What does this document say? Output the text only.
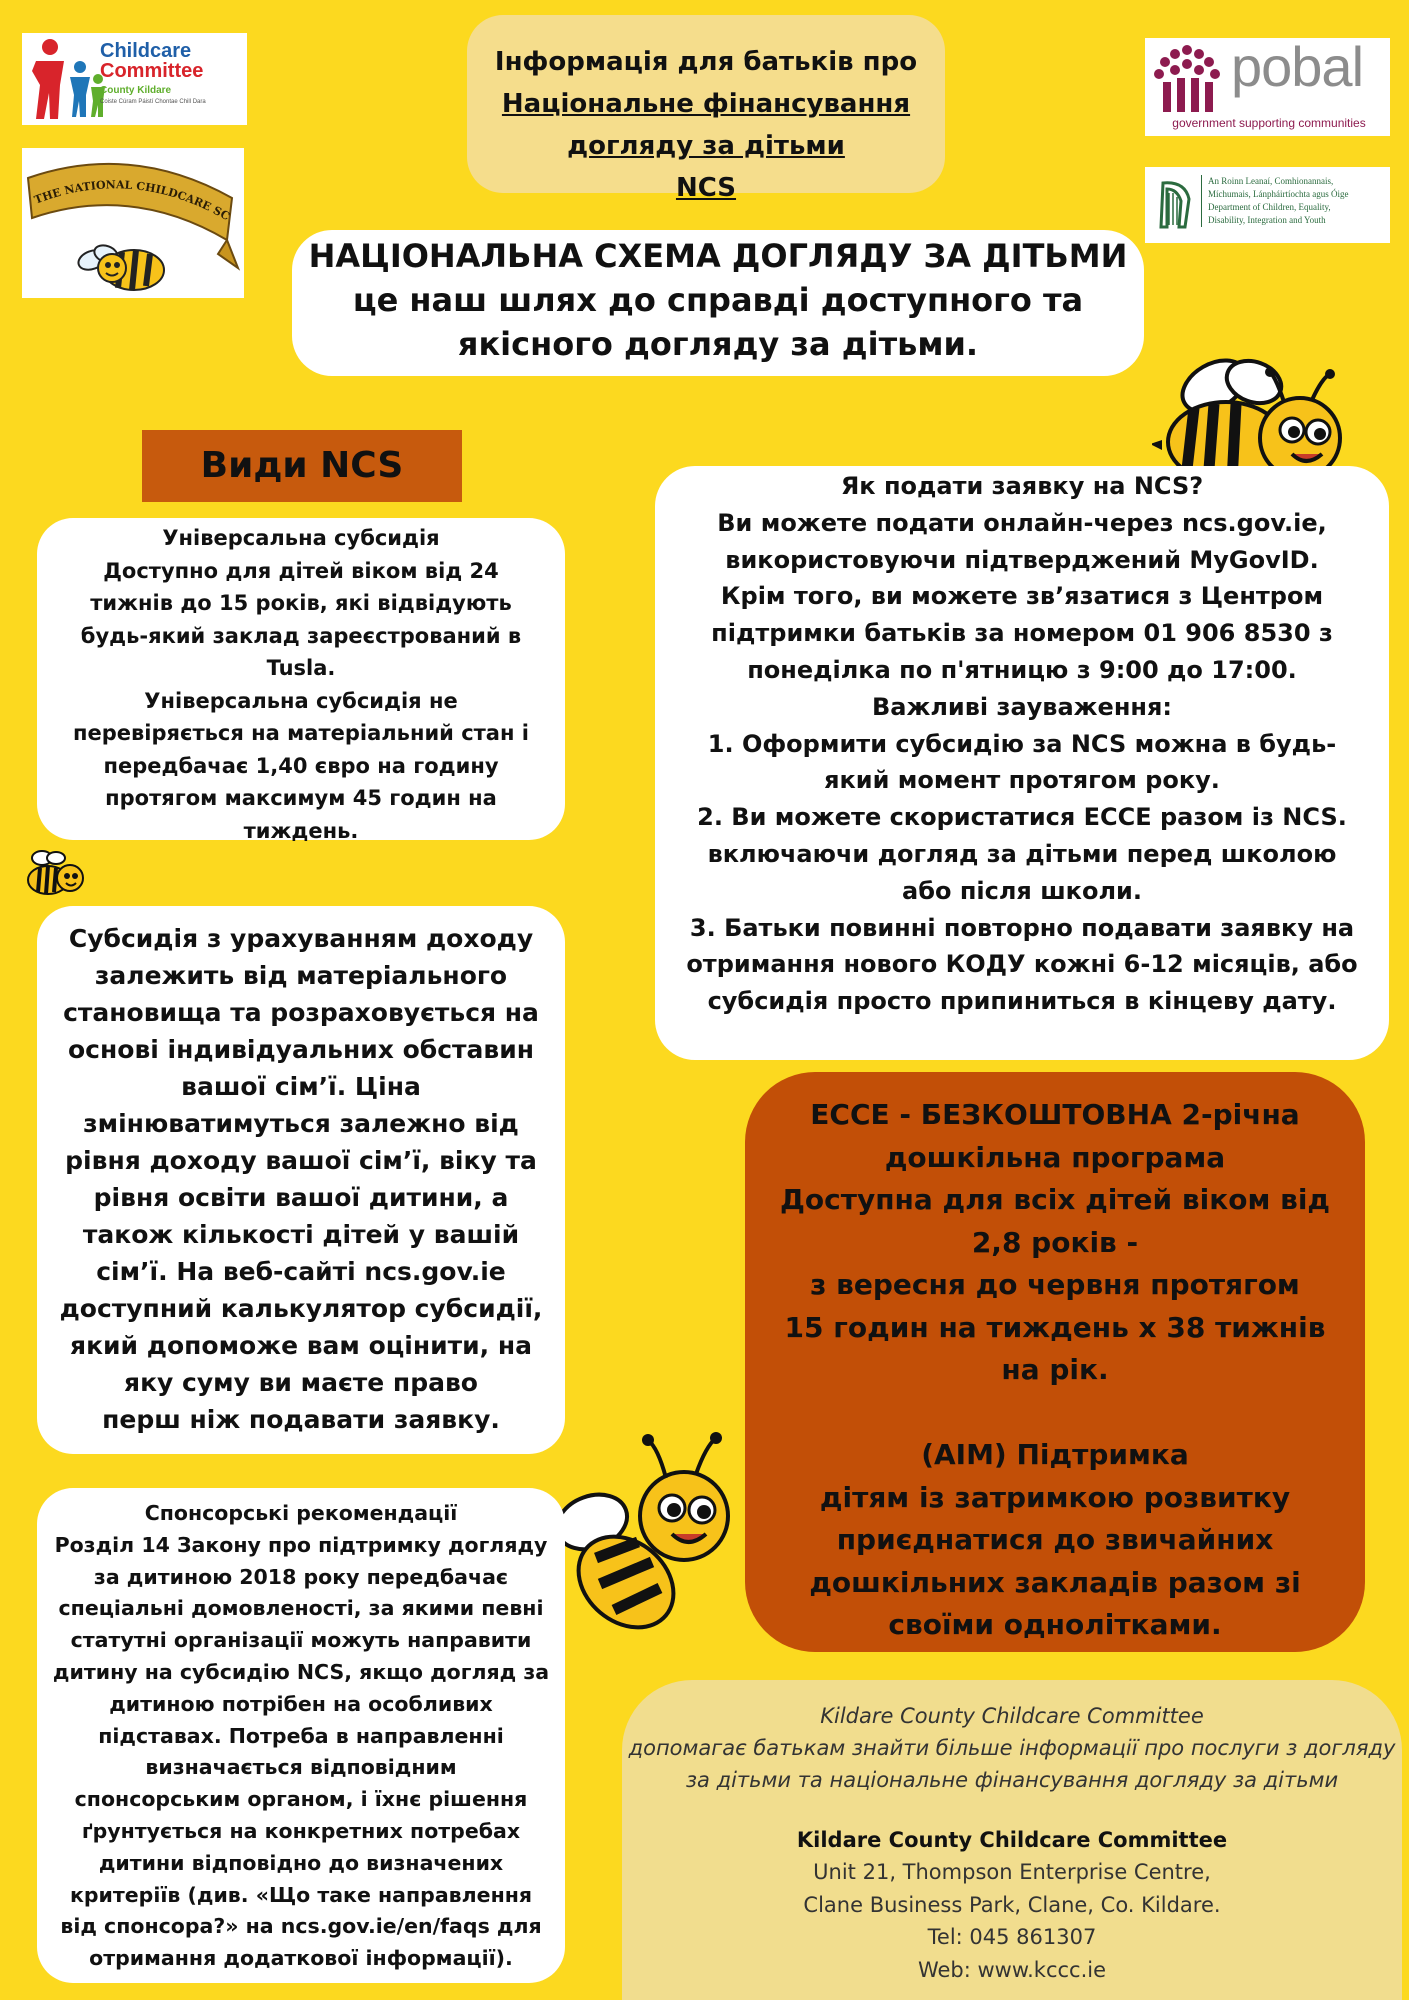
Childcare
Committee
County Kildare
Coiste Cúram Páistí Chontae Chill Dara
THE NATIONAL CHILDCARE SC
pobal
government supporting communities
An Roinn Leanaí, Comhionannais,
Míchumais, Lánpháirtíochta agus Óige
Department of Children, Equality,
Disability, Integration and Youth
Інформація для батьків про
Національне фінансування
догляду за дітьми
NCS
НАЦІОНАЛЬНА СХЕМА ДОГЛЯДУ ЗА ДІТЬМИ
це наш шлях до справді доступного та
якісного догляду за дітьми.
Види NCS
Універсальна субсидія
Доступно для дітей віком від 24
тижнів до 15 років, які відвідують
будь-який заклад зареєстрований в
Tusla.
Універсальна субсидія не
перевіряється на матеріальний стан і
передбачає 1,40 євро на годину
протягом максимум 45 годин на
тиждень.
Субсидія з урахуванням доходу
залежить від матеріального
становища та розраховується на
основі індивідуальних обставин
вашої сім’ї. Ціна
змінюватимуться залежно від
рівня доходу вашої сім’ї, віку та
рівня освіти вашої дитини, а
також кількості дітей у вашій
сім’ї. На веб-сайті ncs.gov.ie
доступний калькулятор субсидії,
який допоможе вам оцінити, на
яку суму ви маєте право
перш ніж подавати заявку.
Спонсорські рекомендації
Розділ 14 Закону про підтримку догляду
за дитиною 2018 року передбачає
спеціальні домовленості, за якими певні
статутні організації можуть направити
дитину на субсидію NCS, якщо догляд за
дитиною потрібен на особливих
підставах. Потреба в направленні
визначається відповідним
спонсорським органом, і їхнє рішення
ґрунтується на конкретних потребах
дитини відповідно до визначених
критеріїв (див. «Що таке направлення
від спонсора?» на ncs.gov.ie/en/faqs для
отримання додаткової інформації).
Як подати заявку на NCS?
Ви можете подати онлайн-через ncs.gov.ie,
використовуючи підтверджений MyGovID.
Крім того, ви можете зв’язатися з Центром
підтримки батьків за номером 01 906 8530 з
понеділка по п'ятницю з 9:00 до 17:00.
Важливі зауваження:
1. Оформити субсидію за NCS можна в будь-
який момент протягом року.
2. Ви можете скористатися ECCE разом із NCS.
включаючи догляд за дітьми перед школою
або після школи.
3. Батьки повинні повторно подавати заявку на
отримання нового КОДУ кожні 6-12 місяців, або
субсидія просто припиниться в кінцеву дату.
ECCE - БЕЗКОШТОВНА 2-річна
дошкільна програма
Доступна для всіх дітей віком від
2,8 років -
з вересня до червня протягом
15 годин на тиждень x 38 тижнів
на рік.
(AIM) Підтримка
дітям із затримкою розвитку
приєднатися до звичайних
дошкільних закладів разом зі
своїми однолітками.
Kildare County Childcare Committee
допомагає батькам знайти більше інформації про послуги з догляду
за дітьми та національне фінансування догляду за дітьми
Kildare County Childcare Committee
Unit 21, Thompson Enterprise Centre,
Clane Business Park, Clane, Co. Kildare.
Tel: 045 861307
Web: www.kccc.ie
